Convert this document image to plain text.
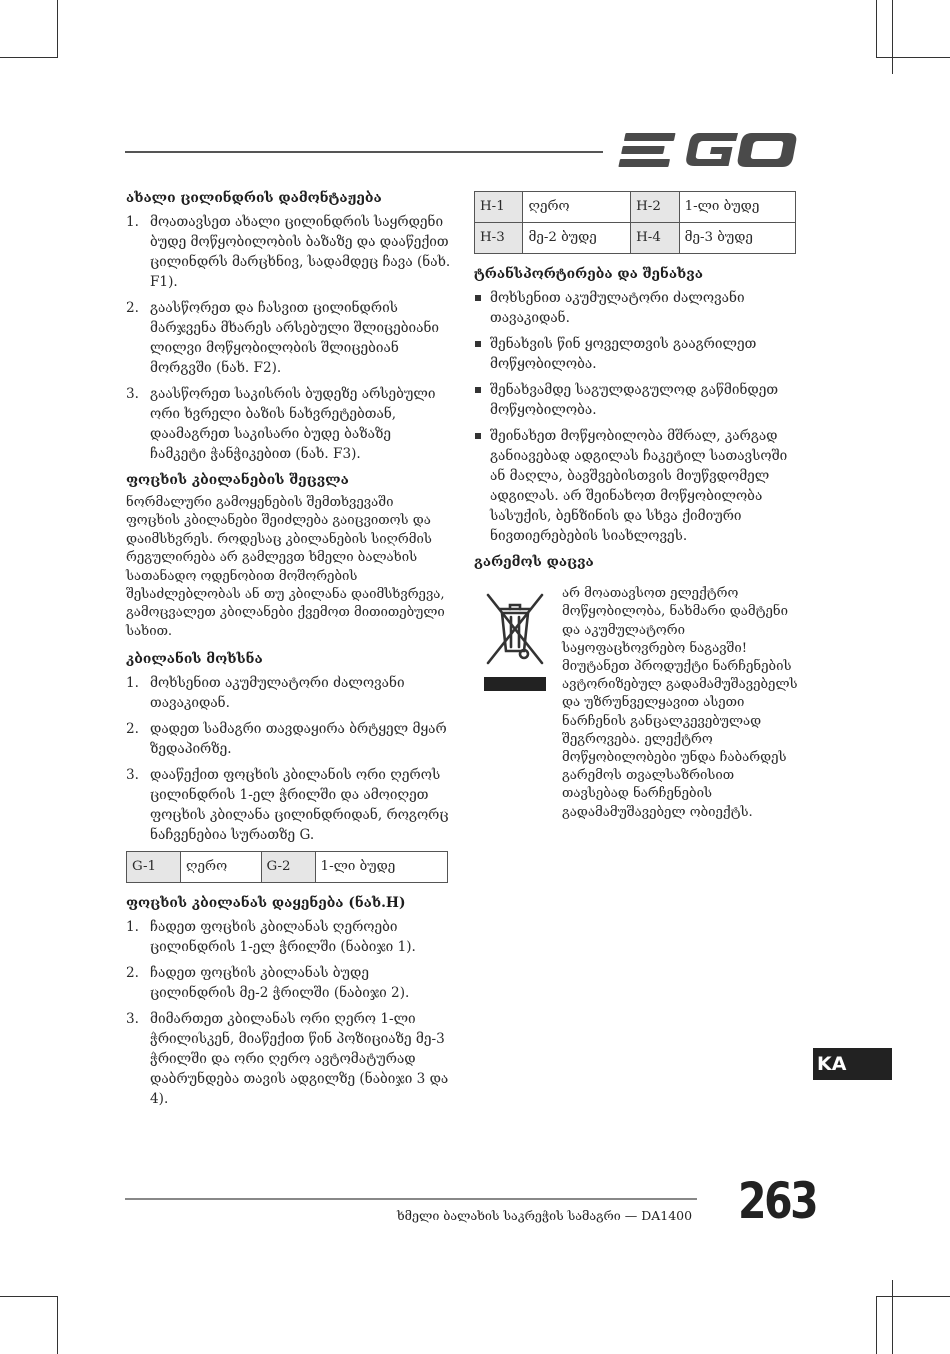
ახალი ცილინდრის დამონტაჟება
1. მოათავსეთ ახალი ცილინდრის საყრდენი ბუდე მოწყობილობის ბაზაზე და დააწექით ცილინდრს მარცხნივ, სადამდეც ჩავა (ნახ. F1).
2. გაასწორეთ და ჩასვით ცილინდრის მარჯვენა მხარეს არსებული შლიცებიანი ლილვი მოწყობილობის შლიცებიან მორგვში (ნახ. F2).
3. გაასწორეთ საკისრის ბუდეზე არსებული ორი ხვრელი ბაზის ნახვრეტებთან, დაამაგრეთ საკისარი ბუდე ბაზაზე ჩამკეტი ჭანჭიკებით (ნახ. F3).
ფოცხის კბილანების შეცვლა

ნორმალური გამოყენების შემთხვევაში ფოცხის კბილანები შეიძლება გაიცვითოს და დაიმსხვრეს. როდესაც კბილანების სიღრმის რეგულირება არ გამლევთ ხმელი ბალახის სათანადო ოდენობით მოშორების შესაძლებლობას ან თუ კბილანა დაიმსხვრევა, გამოცვალეთ კბილანები ქვემოთ მითითებული სახით.

კბილანის მოხსნა
1. მოხსენით აკუმულატორი ძალოვანი თავაკიდან.
2. დადეთ სამაგრი თავდაყირა ბრტყელ მყარ ზედაპირზე.
3. დააწექით ფოცხის კბილანის ორი ღეროს ცილინდრის 1-ელ ჭრილში და ამოიღეთ ფოცხის კბილანა ცილინდრიდან, როგორც ნაჩვენებია სურათზე G.
G-1	ღერო	G-2	1-ლი ბუდე
ფოცხის კბილანას დაყენება (ნახ.H)
1. ჩადეთ ფოცხის კბილანას ღეროები ცილინდრის 1-ელ ჭრილში (ნაბიჯი 1).
2. ჩადეთ ფოცხის კბილანას ბუდე ცილინდრის მე-2 ჭრილში (ნაბიჯი 2).
3. მიმართეთ კბილანას ორი ღერო 1-ლი ჭრილისკენ, მიაწექით წინ პოზიციაზე მე-3 ჭრილში და ორი ღერო ავტომატურად დაბრუნდება თავის ადგილზე (ნაბიჯი 3 და 4).
H-1	ღერო	H-2	1-ლი ბუდე
H-3	მე-2 ბუდე	H-4	მე-3 ბუდე
ტრანსპორტირება და შენახვა
მოხსენით აკუმულატორი ძალოვანი თავაკიდან.
შენახვის წინ ყოველთვის გააგრილეთ მოწყობილობა.
შენახვამდე საგულდაგულოდ გაწმინდეთ მოწყობილობა.
შეინახეთ მოწყობილობა მშრალ, კარგად განიავებად ადგილას ჩაკეტილ სათავსოში ან მაღლა, ბავშვებისთვის მიუწვდომელ ადგილას. არ შეინახოთ მოწყობილობა სასუქის, ბენზინის და სხვა ქიმიური ნივთიერებების სიახლოვეს.
გარემოს დაცვა

არ მოათავსოთ ელექტრო მოწყობილობა, ნახმარი დამტენი და აკუმულატორი საყოფაცხოვრებო ნაგავში! მიუტანეთ პროდუქტი ნარჩენების ავტორიზებულ გადამამუშავებელს და უზრუნველყავით ასეთი ნარჩენის განცალკევებულად შეგროვება. ელექტრო მოწყობილობები უნდა ჩაბარდეს გარემოს თვალსაზრისით თავსებად ნარჩენების გადამამუშავებელ ობიექტს.

KA
ხმელი ბალახის საკრეჭის სამაგრი — DA1400 263
